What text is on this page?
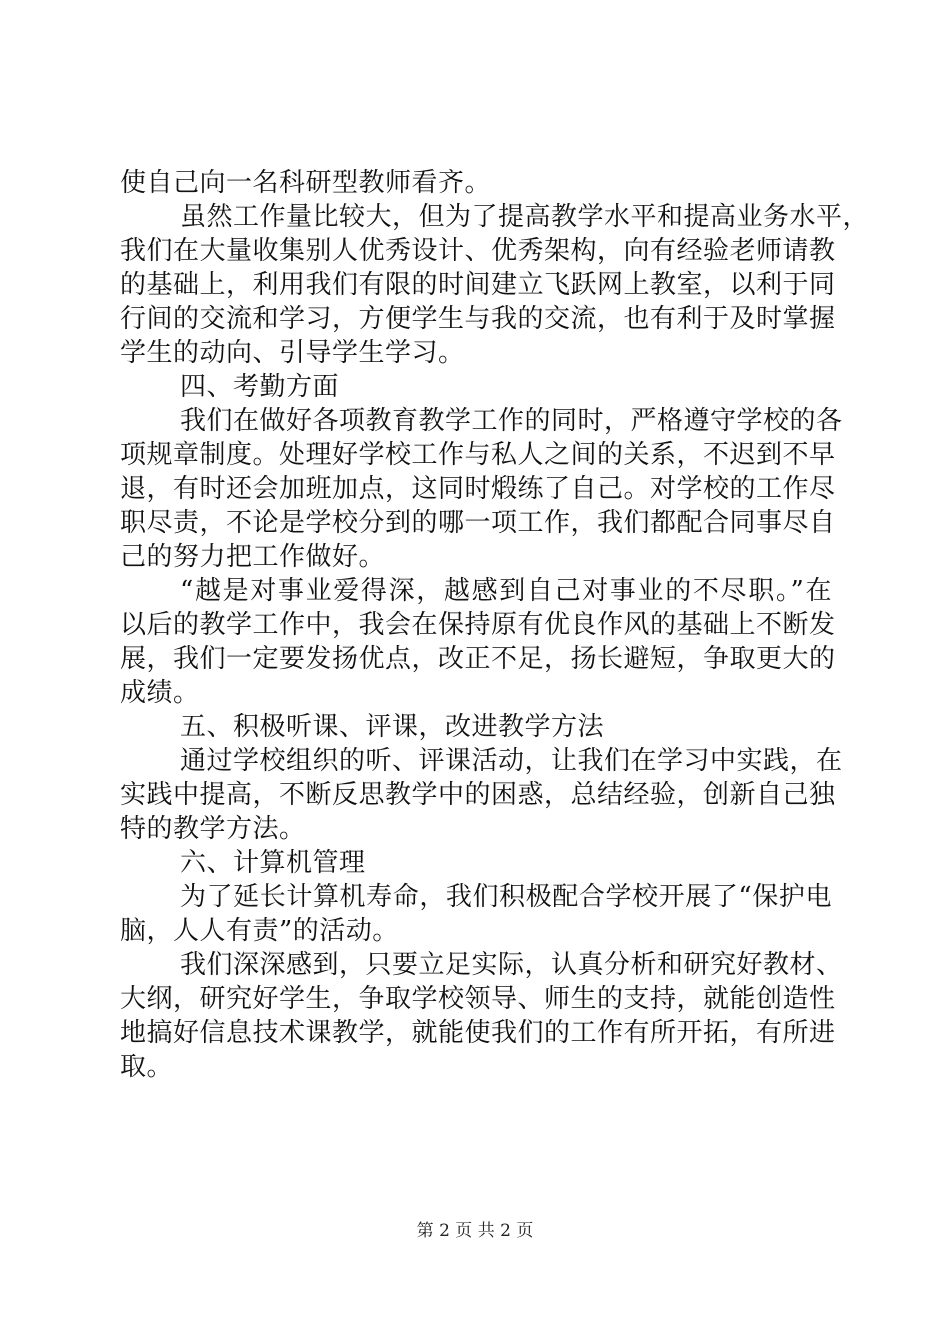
使自己向一名科研型教师看齐。
虽然工作量比较大，但为了提高教学水平和提高业务水平，
我们在大量收集别人优秀设计、优秀架构，向有经验老师请教
的基础上，利用我们有限的时间建立飞跃网上教室，以利于同
行间的交流和学习，方便学生与我的交流，也有利于及时掌握
学生的动向、引导学生学习。
四、考勤方面
我们在做好各项教育教学工作的同时，严格遵守学校的各
项规章制度。处理好学校工作与私人之间的关系，不迟到不早
退，有时还会加班加点，这同时煅练了自己。对学校的工作尽
职尽责，不论是学校分到的哪一项工作，我们都配合同事尽自
己的努力把工作做好。
“越是对事业爱得深，越感到自己对事业的不尽职。”在
以后的教学工作中，我会在保持原有优良作风的基础上不断发
展，我们一定要发扬优点，改正不足，扬长避短，争取更大的
成绩。
五、积极听课、评课，改进教学方法
通过学校组织的听、评课活动，让我们在学习中实践，在
实践中提高，不断反思教学中的困惑，总结经验，创新自己独
特的教学方法。
六、计算机管理
为了延长计算机寿命，我们积极配合学校开展了“保护电
脑，人人有责”的活动。
我们深深感到，只要立足实际，认真分析和研究好教材、
大纲，研究好学生，争取学校领导、师生的支持，就能创造性
地搞好信息技术课教学，就能使我们的工作有所开拓，有所进
取。
第 2 页 共 2 页
